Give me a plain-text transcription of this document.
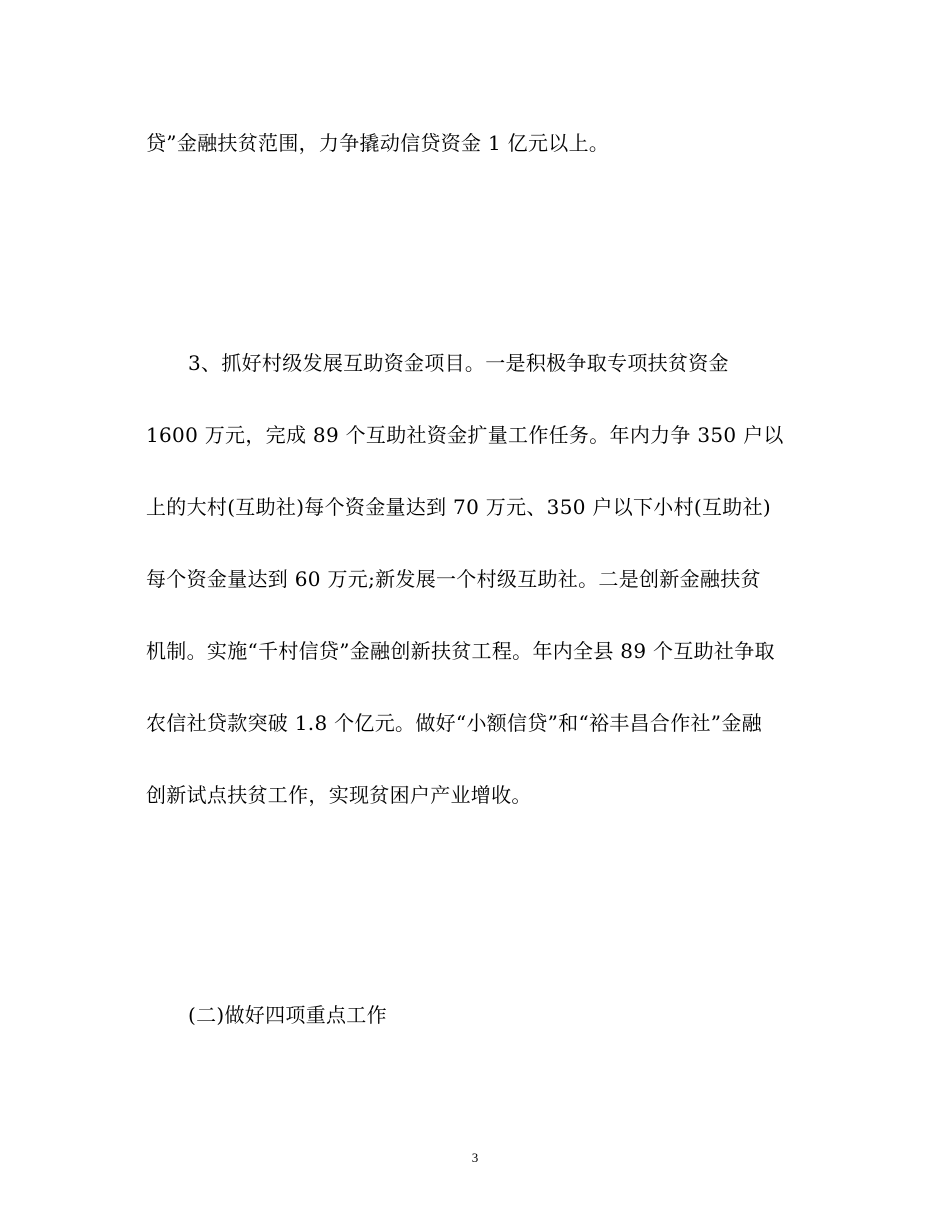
贷”金融扶贫范围，力争撬动信贷资金 1 亿元以上。
3、抓好村级发展互助资金项目。一是积极争取专项扶贫资金
1600 万元，完成 89 个互助社资金扩量工作任务。年内力争 350 户以
上的大村(互助社)每个资金量达到 70 万元、350 户以下小村(互助社)
每个资金量达到 60 万元;新发展一个村级互助社。二是创新金融扶贫
机制。实施“千村信贷”金融创新扶贫工程。年内全县 89 个互助社争取
农信社贷款突破 1.8 个亿元。做好“小额信贷”和“裕丰昌合作社”金融
创新试点扶贫工作，实现贫困户产业增收。
(二)做好四项重点工作
3
